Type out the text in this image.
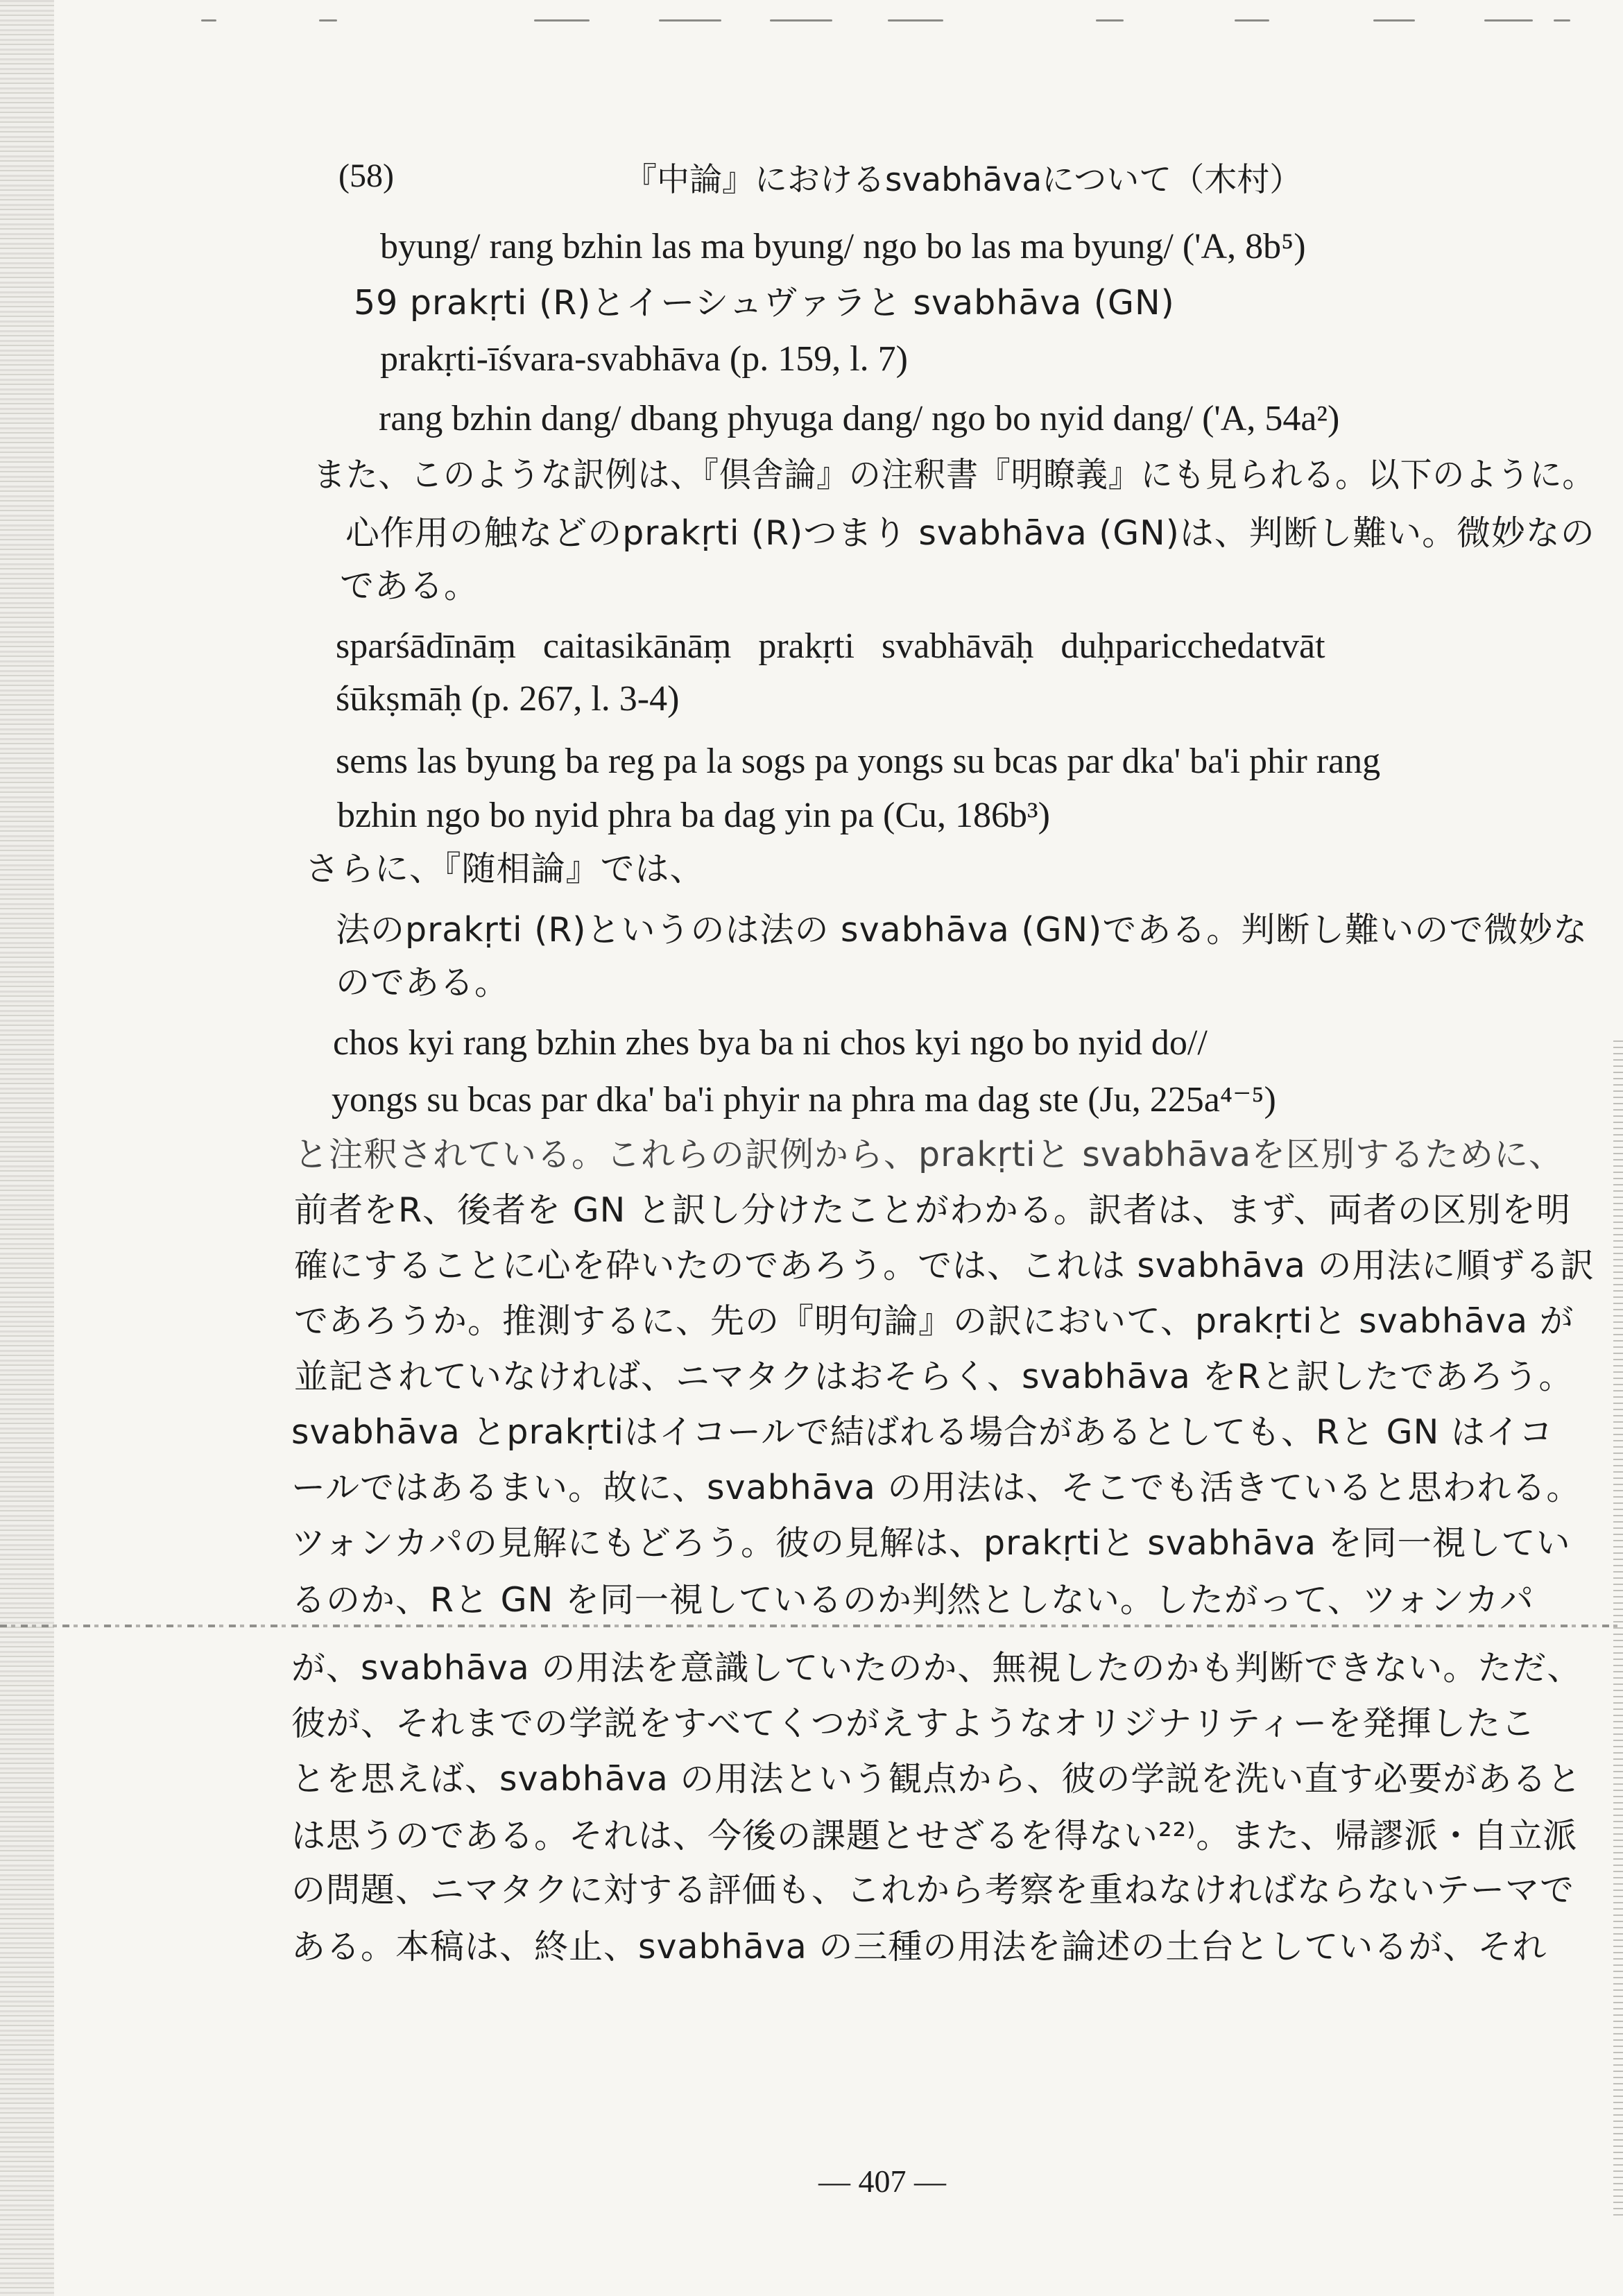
(58)	『中論』におけるsvabhāvaについて（木村）
byung/ rang bzhin las ma byung/ ngo bo las ma byung/ ('A, 8b⁵)
59 prakṛti (R)とイーシュヴァラと svabhāva (GN)
prakṛti-īśvara-svabhāva (p. 159, l. 7)
rang bzhin dang/ dbang phyuga dang/ ngo bo nyid dang/ ('A, 54a²)
また、このような訳例は、『倶舎論』の注釈書『明瞭義』にも見られる。以下のように。
心作用の触などのprakṛti (R)つまり svabhāva (GN)は、判断し難い。微妙なの
である。
sparśādīnāṃ   caitasikānāṃ   prakṛti   svabhāvāḥ   duḥparicchedatvāt
śūkṣmāḥ (p. 267, l. 3-4)
sems las byung ba reg pa la sogs pa yongs su bcas par dka' ba'i phir rang
bzhin ngo bo nyid phra ba dag yin pa (Cu, 186b³)
さらに、『随相論』では、
法のprakṛti (R)というのは法の svabhāva (GN)である。判断し難いので微妙な
のである。
chos kyi rang bzhin zhes bya ba ni chos kyi ngo bo nyid do//
yongs su bcas par dka' ba'i phyir na phra ma dag ste (Ju, 225a⁴⁻⁵)
と注釈されている。これらの訳例から、prakṛtiと svabhāvaを区別するために、
前者をR、後者を GN と訳し分けたことがわかる。訳者は、まず、両者の区別を明
確にすることに心を砕いたのであろう。では、これは svabhāva の用法に順ずる訳
であろうか。推測するに、先の『明句論』の訳において、prakṛtiと svabhāva が
並記されていなければ、ニマタクはおそらく、svabhāva をRと訳したであろう。
svabhāva とprakṛtiはイコールで結ばれる場合があるとしても、Rと GN はイコ
ールではあるまい。故に、svabhāva の用法は、そこでも活きていると思われる。
ツォンカパの見解にもどろう。彼の見解は、prakṛtiと svabhāva を同一視してい
るのか、Rと GN を同一視しているのか判然としない。したがって、ツォンカパ
が、svabhāva の用法を意識していたのか、無視したのかも判断できない。ただ、
彼が、それまでの学説をすべてくつがえすようなオリジナリティーを発揮したこ
とを思えば、svabhāva の用法という観点から、彼の学説を洗い直す必要があると
は思うのである。それは、今後の課題とせざるを得ない²²⁾。また、帰謬派・自立派
の問題、ニマタクに対する評価も、これから考察を重ねなければならないテーマで
ある。本稿は、終止、svabhāva の三種の用法を論述の土台としているが、それ
— 407 —
